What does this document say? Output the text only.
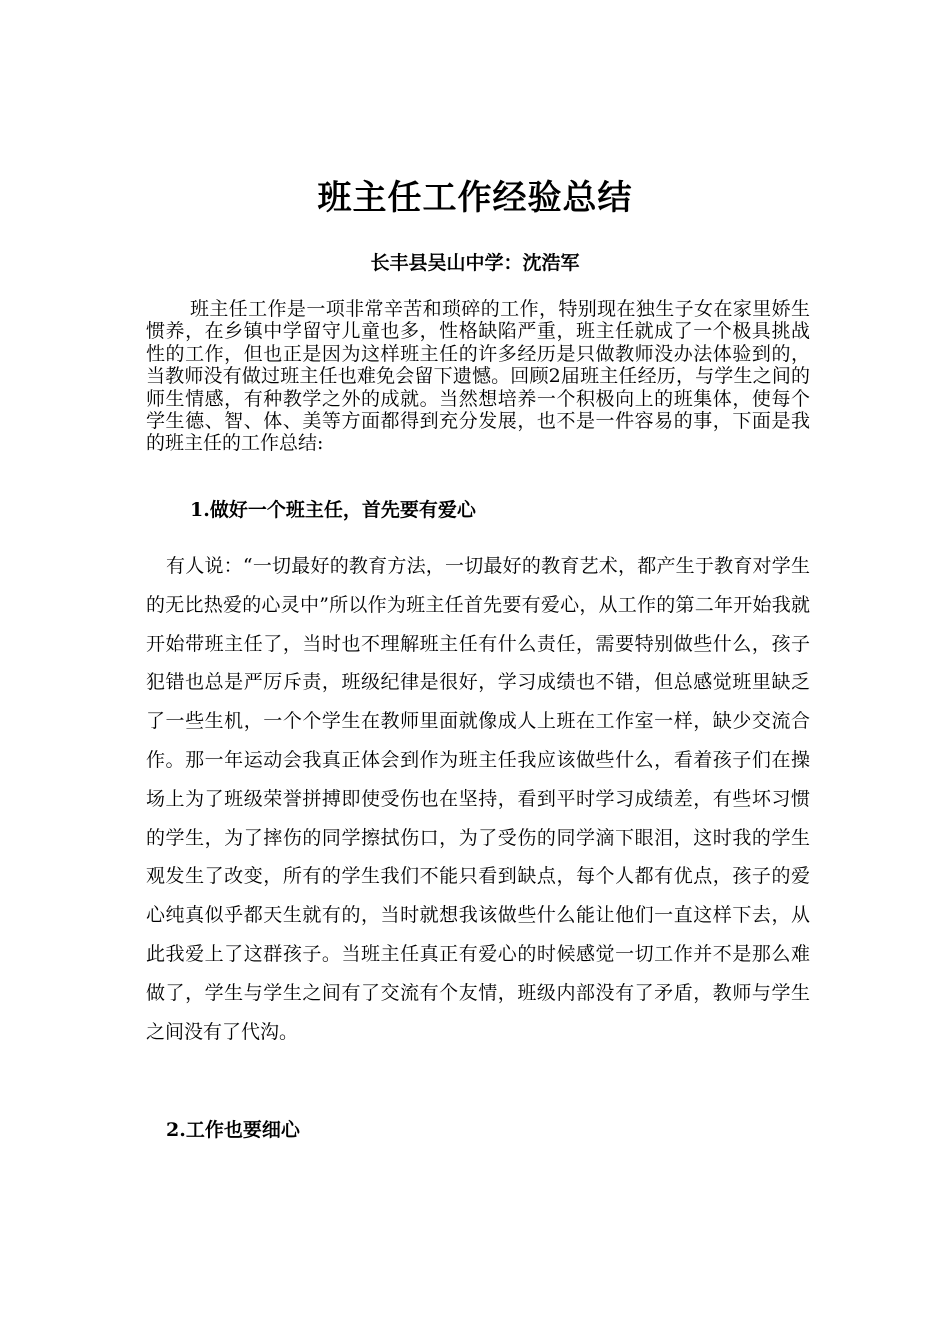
班主任工作经验总结

长丰县吴山中学：沈浩军

班主任工作是一项非常辛苦和琐碎的工作，特别现在独生子女在家里娇生惯养，在乡镇中学留守儿童也多，性格缺陷严重，班主任就成了一个极具挑战性的工作，但也正是因为这样班主任的许多经历是只做教师没办法体验到的，当教师没有做过班主任也难免会留下遗憾。回顾2届班主任经历，与学生之间的师生情感，有种教学之外的成就。当然想培养一个积极向上的班集体，使每个学生德、智、体、美等方面都得到充分发展，也不是一件容易的事，下面是我的班主任的工作总结:

1.做好一个班主任，首先要有爱心

有人说：“一切最好的教育方法，一切最好的教育艺术，都产生于教育对学生的无比热爱的心灵中”所以作为班主任首先要有爱心，从工作的第二年开始我就开始带班主任了，当时也不理解班主任有什么责任，需要特别做些什么，孩子犯错也总是严厉斥责，班级纪律是很好，学习成绩也不错，但总感觉班里缺乏了一些生机，一个个学生在教师里面就像成人上班在工作室一样，缺少交流合作。那一年运动会我真正体会到作为班主任我应该做些什么，看着孩子们在操场上为了班级荣誉拼搏即使受伤也在坚持，看到平时学习成绩差，有些坏习惯的学生，为了摔伤的同学擦拭伤口，为了受伤的同学滴下眼泪，这时我的学生观发生了改变，所有的学生我们不能只看到缺点，每个人都有优点，孩子的爱心纯真似乎都天生就有的，当时就想我该做些什么能让他们一直这样下去，从此我爱上了这群孩子。当班主任真正有爱心的时候感觉一切工作并不是那么难做了，学生与学生之间有了交流有个友情，班级内部没有了矛盾，教师与学生之间没有了代沟。

2.工作也要细心
